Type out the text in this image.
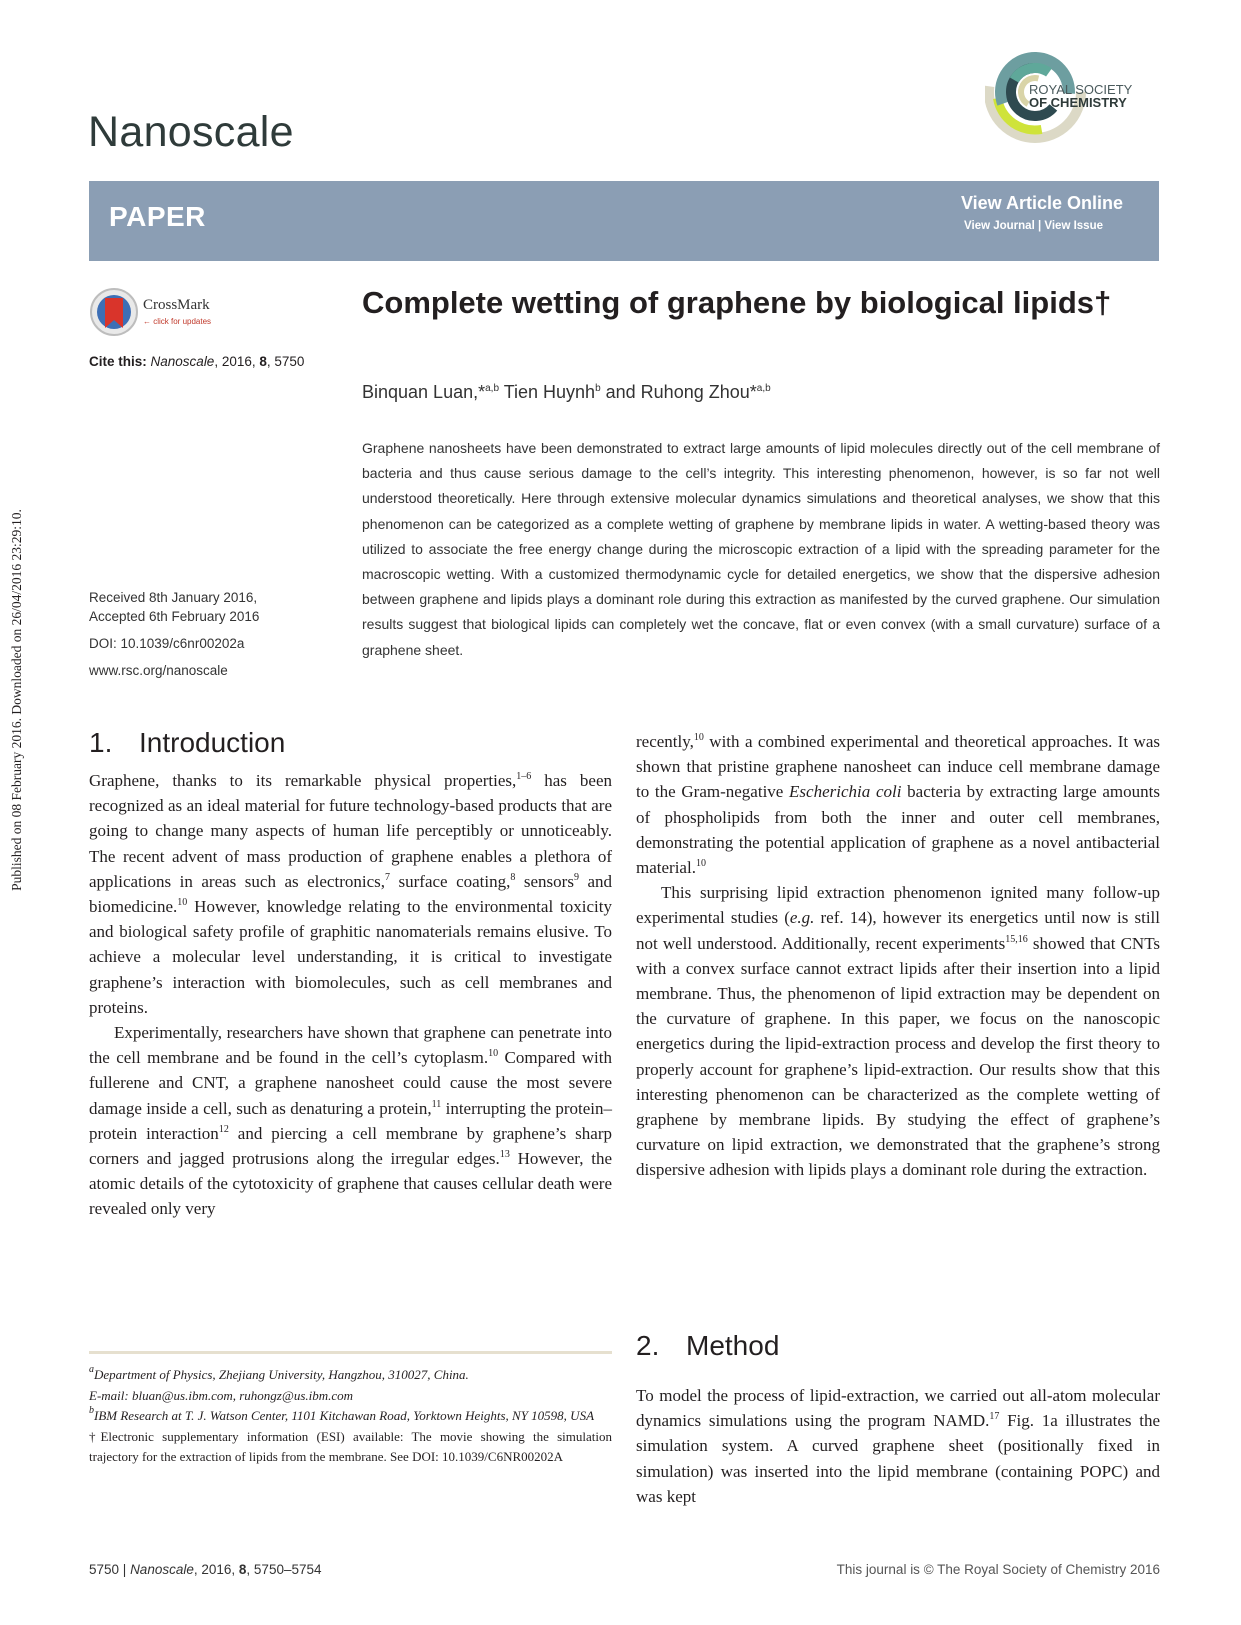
Published on 08 February 2016. Downloaded on 26/04/2016 23:29:10.
Nanoscale
ROYAL SOCIETY
OF CHEMISTRY
PAPER	View Article Online
View Journal | View Issue
CrossMark
← click for updates
Cite this: Nanoscale, 2016, 8, 5750
Complete wetting of graphene by biological lipids†
Binquan Luan,*$^{a,b}$ Tien Huynh$^b$ and Ruhong Zhou*$^{a,b}$
Graphene nanosheets have been demonstrated to extract large amounts of lipid molecules directly out of the cell membrane of bacteria and thus cause serious damage to the cell’s integrity. This interesting phenomenon, however, is so far not well understood theoretically. Here through extensive molecular dynamics simulations and theoretical analyses, we show that this phenomenon can be categorized as a complete wetting of graphene by membrane lipids in water. A wetting-based theory was utilized to associate the free energy change during the microscopic extraction of a lipid with the spreading parameter for the macroscopic wetting. With a customized thermodynamic cycle for detailed energetics, we show that the dispersive adhesion between graphene and lipids plays a dominant role during this extraction as manifested by the curved graphene. Our simulation results suggest that biological lipids can completely wet the concave, flat or even convex (with a small curvature) surface of a graphene sheet.
Received 8th January 2016,
Accepted 6th February 2016
DOI: 10.1039/c6nr00202a
www.rsc.org/nanoscale
1. Introduction

Graphene, thanks to its remarkable physical properties,$^{1-6}$ has been recognized as an ideal material for future technology-based products that are going to change many aspects of human life perceptibly or unnoticeably. The recent advent of mass production of graphene enables a plethora of applications in areas such as electronics,$^7$ surface coating,$^8$ sensors$^9$ and biomedicine.$^{10}$ However, knowledge relating to the environmental toxicity and biological safety profile of graphitic nanomaterials remains elusive. To achieve a molecular level understanding, it is critical to investigate graphene’s interaction with biomolecules, such as cell membranes and proteins.

Experimentally, researchers have shown that graphene can penetrate into the cell membrane and be found in the cell’s cytoplasm.$^{10}$ Compared with fullerene and CNT, a graphene nanosheet could cause the most severe damage inside a cell, such as denaturing a protein,$^{11}$ interrupting the protein–protein interaction$^{12}$ and piercing a cell membrane by graphene’s sharp corners and jagged protrusions along the irregular edges.$^{13}$ However, the atomic details of the cytotoxicity of graphene that causes cellular death were revealed only very

recently,$^{10}$ with a combined experimental and theoretical approaches. It was shown that pristine graphene nanosheet can induce cell membrane damage to the Gram-negative Escherichia coli bacteria by extracting large amounts of phospholipids from both the inner and outer cell membranes, demonstrating the potential application of graphene as a novel antibacterial material.$^{10}$

This surprising lipid extraction phenomenon ignited many follow-up experimental studies (e.g. ref. 14), however its energetics until now is still not well understood. Additionally, recent experiments$^{15,16}$ showed that CNTs with a convex surface cannot extract lipids after their insertion into a lipid membrane. Thus, the phenomenon of lipid extraction may be dependent on the curvature of graphene. In this paper, we focus on the nanoscopic energetics during the lipid-extraction process and develop the first theory to properly account for graphene’s lipid-extraction. Our results show that this interesting phenomenon can be characterized as the complete wetting of graphene by membrane lipids. By studying the effect of graphene’s curvature on lipid extraction, we demonstrated that the graphene’s strong dispersive adhesion with lipids plays a dominant role during the extraction.

2. Method

To model the process of lipid-extraction, we carried out all-atom molecular dynamics simulations using the program NAMD.$^{17}$ Fig. 1a illustrates the simulation system. A curved graphene sheet (positionally fixed in simulation) was inserted into the lipid membrane (containing POPC) and was kept

$^a$Department of Physics, Zhejiang University, Hangzhou, 310027, China.

E-mail: bluan@us.ibm.com, ruhongz@us.ibm.com

$^b$IBM Research at T. J. Watson Center, 1101 Kitchawan Road, Yorktown Heights, NY 10598, USA

†Electronic supplementary information (ESI) available: The movie showing the simulation trajectory for the extraction of lipids from the membrane. See DOI: 10.1039/C6NR00202A

5750 | Nanoscale, 2016, 8, 5750–5754	This journal is © The Royal Society of Chemistry 2016
